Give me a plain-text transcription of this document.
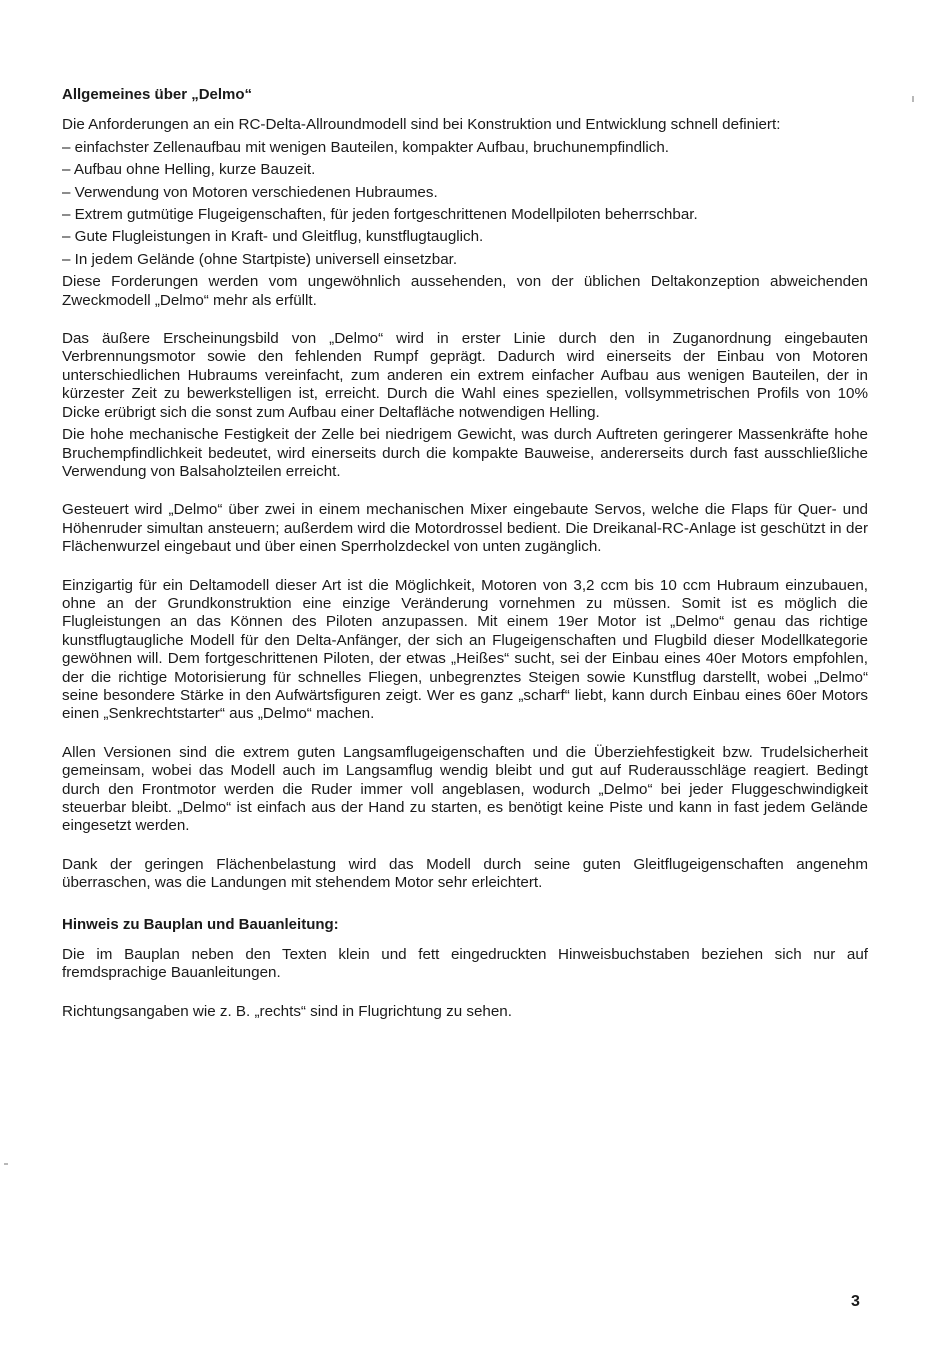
Allgemeines über „Delmo“

Die Anforderungen an ein RC-Delta-Allroundmodell sind bei Konstruktion und Entwicklung schnell definiert:

– einfachster Zellenaufbau mit wenigen Bauteilen, kompakter Aufbau, bruchunempfindlich.

– Aufbau ohne Helling, kurze Bauzeit.

– Verwendung von Motoren verschiedenen Hubraumes.

– Extrem gutmütige Flugeigenschaften, für jeden fortgeschrittenen Modellpiloten beherrschbar.

– Gute Flugleistungen in Kraft- und Gleitflug, kunstflugtauglich.

– In jedem Gelände (ohne Startpiste) universell einsetzbar.

Diese Forderungen werden vom ungewöhnlich aussehenden, von der üblichen Deltakonzeption abweichenden Zweckmodell „Delmo“ mehr als erfüllt.

Das äußere Erscheinungsbild von „Delmo“ wird in erster Linie durch den in Zuganordnung eingebauten Verbrennungsmotor sowie den fehlenden Rumpf geprägt. Dadurch wird einerseits der Einbau von Motoren unterschiedlichen Hubraums vereinfacht, zum anderen ein extrem einfacher Aufbau aus wenigen Bauteilen, der in kürzester Zeit zu bewerkstelligen ist, erreicht. Durch die Wahl eines speziellen, vollsymmetrischen Profils von 10% Dicke erübrigt sich die sonst zum Aufbau einer Deltafläche notwendigen Helling.

Die hohe mechanische Festigkeit der Zelle bei niedrigem Gewicht, was durch Auftreten geringerer Massenkräfte hohe Bruchempfindlichkeit bedeutet, wird einerseits durch die kompakte Bauweise, andererseits durch fast ausschließliche Verwendung von Balsaholzteilen erreicht.

Gesteuert wird „Delmo“ über zwei in einem mechanischen Mixer eingebaute Servos, welche die Flaps für Quer- und Höhenruder simultan ansteuern; außerdem wird die Motordrossel bedient. Die Dreikanal-RC-Anlage ist geschützt in der Flächenwurzel eingebaut und über einen Sperrholzdeckel von unten zugänglich.

Einzigartig für ein Deltamodell dieser Art ist die Möglichkeit, Motoren von 3,2 ccm bis 10 ccm Hubraum einzubauen, ohne an der Grundkonstruktion eine einzige Veränderung vornehmen zu müssen. Somit ist es möglich die Flugleistungen an das Können des Piloten anzupassen. Mit einem 19er Motor ist „Delmo“ genau das richtige kunstflugtaugliche Modell für den Delta-Anfänger, der sich an Flugeigenschaften und Flugbild dieser Modellkategorie gewöhnen will. Dem fortgeschrittenen Piloten, der etwas „Heißes“ sucht, sei der Einbau eines 40er Motors empfohlen, der die richtige Motorisierung für schnelles Fliegen, unbegrenztes Steigen sowie Kunstflug darstellt, wobei „Delmo“ seine besondere Stärke in den Aufwärtsfiguren zeigt. Wer es ganz „scharf“ liebt, kann durch Einbau eines 60er Motors einen „Senkrechtstarter“ aus „Delmo“ machen.

Allen Versionen sind die extrem guten Langsamflugeigenschaften und die Überziehfestigkeit bzw. Trudelsicherheit gemeinsam, wobei das Modell auch im Langsamflug wendig bleibt und gut auf Ruderausschläge reagiert. Bedingt durch den Frontmotor werden die Ruder immer voll angeblasen, wodurch „Delmo“ bei jeder Fluggeschwindigkeit steuerbar bleibt. „Delmo“ ist einfach aus der Hand zu starten, es benötigt keine Piste und kann in fast jedem Gelände eingesetzt werden.

Dank der geringen Flächenbelastung wird das Modell durch seine guten Gleitflugeigenschaften angenehm überraschen, was die Landungen mit stehendem Motor sehr erleichtert.

Hinweis zu Bauplan und Bauanleitung:

Die im Bauplan neben den Texten klein und fett eingedruckten Hinweisbuchstaben beziehen sich nur auf fremdsprachige Bauanleitungen.

Richtungsangaben wie z. B. „rechts“ sind in Flugrichtung zu sehen.

3
